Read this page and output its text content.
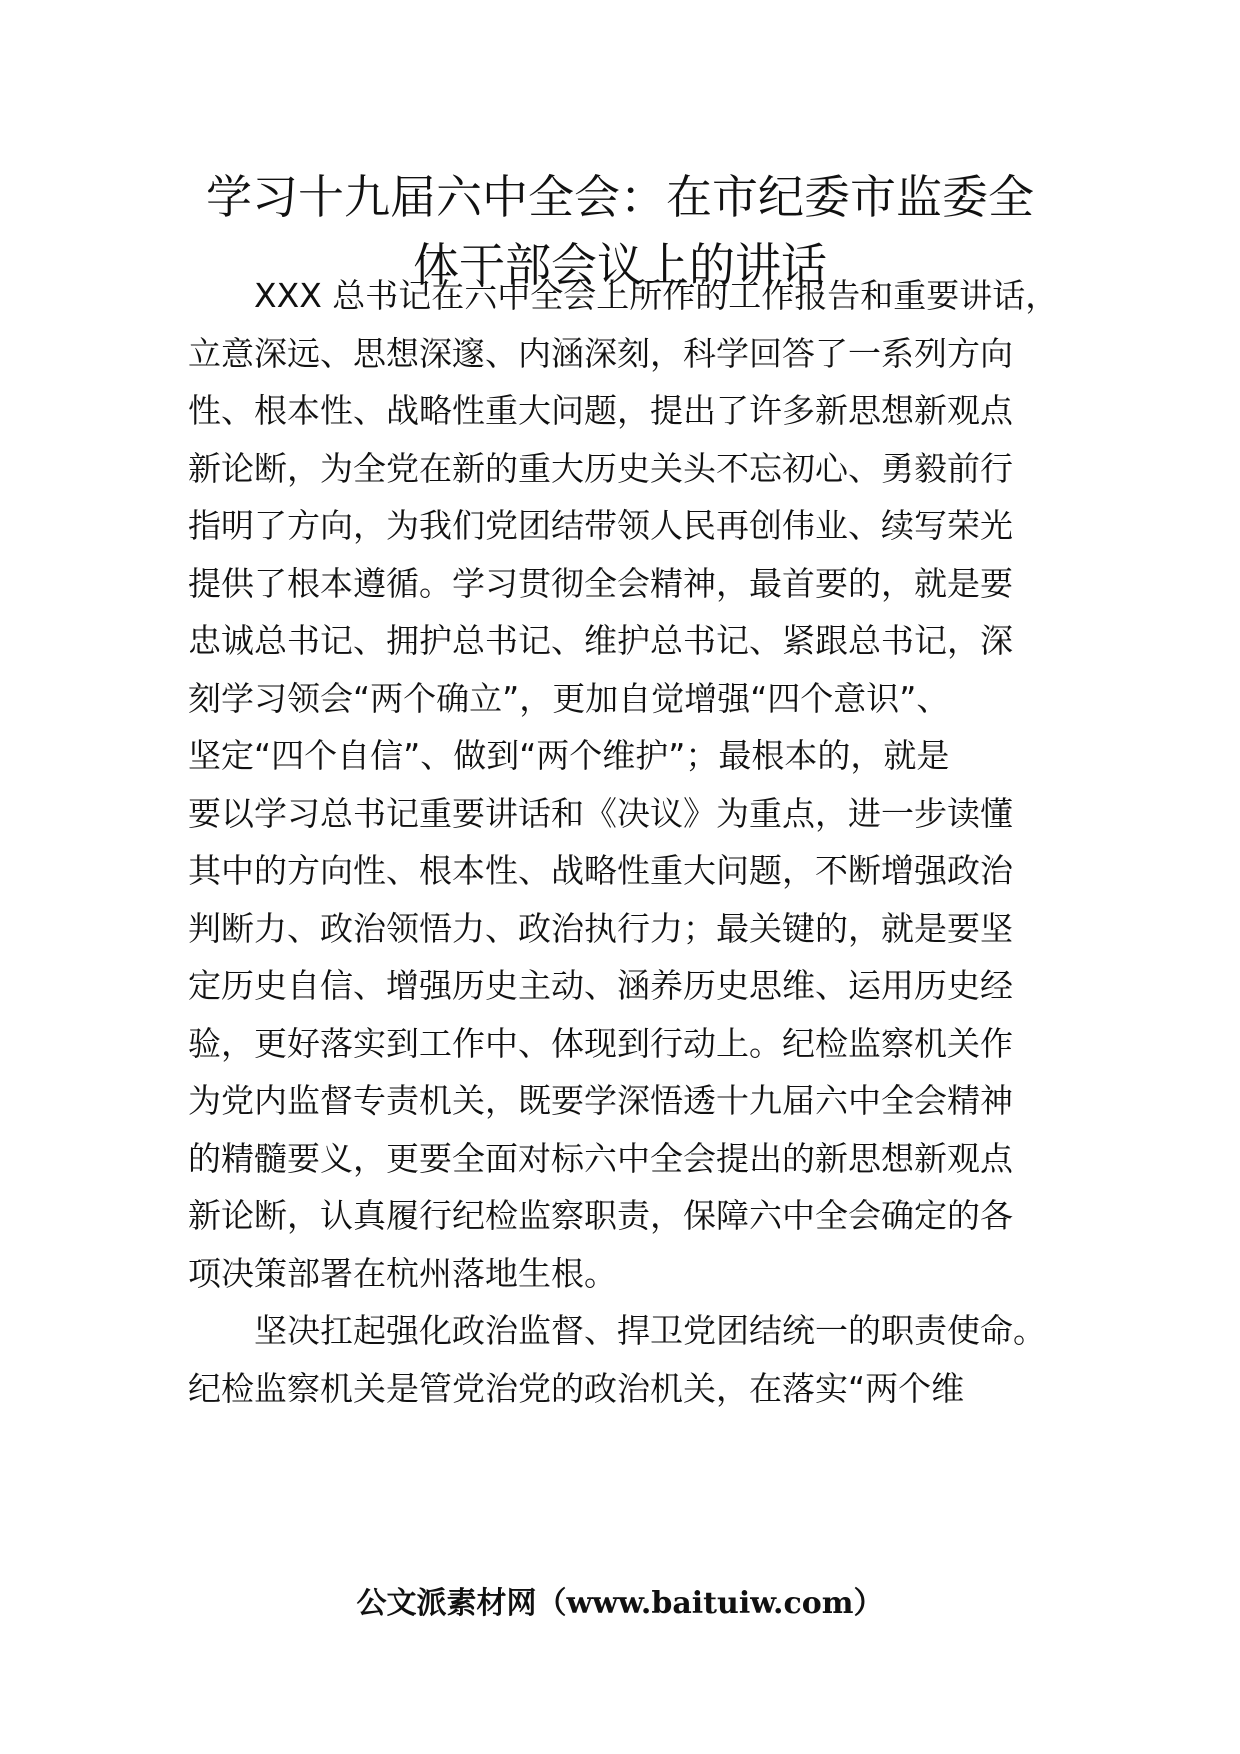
学习十九届六中全会：在市纪委市监委全
体干部会议上的讲话

XXX 总书记在六中全会上所作的工作报告和重要讲话，

立意深远、思想深邃、内涵深刻，科学回答了一系列方向

性、根本性、战略性重大问题，提出了许多新思想新观点

新论断，为全党在新的重大历史关头不忘初心、勇毅前行

指明了方向，为我们党团结带领人民再创伟业、续写荣光

提供了根本遵循。学习贯彻全会精神，最首要的，就是要

忠诚总书记、拥护总书记、维护总书记、紧跟总书记，深

刻学习领会“两个确立”，更加自觉增强“四个意识”、

坚定“四个自信”、做到“两个维护”；最根本的，就是

要以学习总书记重要讲话和《决议》为重点，进一步读懂

其中的方向性、根本性、战略性重大问题，不断增强政治

判断力、政治领悟力、政治执行力；最关键的，就是要坚

定历史自信、增强历史主动、涵养历史思维、运用历史经

验，更好落实到工作中、体现到行动上。纪检监察机关作

为党内监督专责机关，既要学深悟透十九届六中全会精神

的精髓要义，更要全面对标六中全会提出的新思想新观点

新论断，认真履行纪检监察职责，保障六中全会确定的各

项决策部署在杭州落地生根。

坚决扛起强化政治监督、捍卫党团结统一的职责使命。

纪检监察机关是管党治党的政治机关，在落实“两个维

公文派素材网（www.baituiw.com）
